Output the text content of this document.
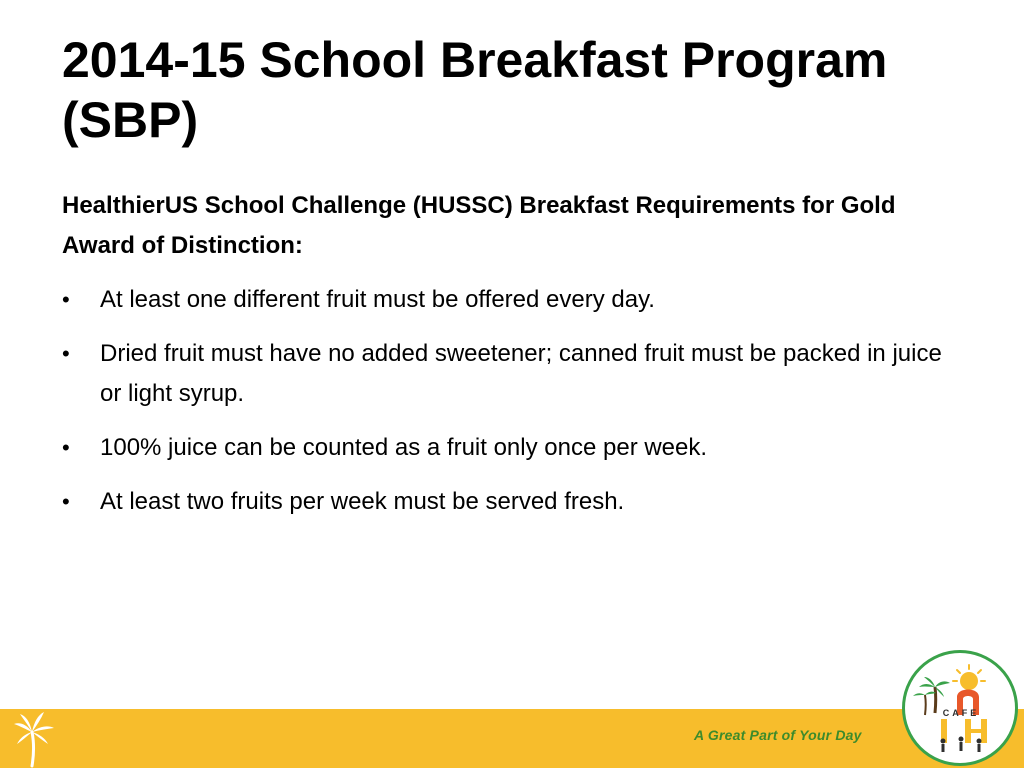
2014-15 School Breakfast Program (SBP)

HealthierUS School Challenge (HUSSC) Breakfast Requirements for Gold Award of Distinction:

• At least one different fruit must be offered every day.
• Dried fruit must have no added sweetener; canned fruit must be packed in juice or light syrup.
• 100% juice can be counted as a fruit only once per week.
• At least two fruits per week must be served fresh.
A Great Part of Your Day
CAFE
